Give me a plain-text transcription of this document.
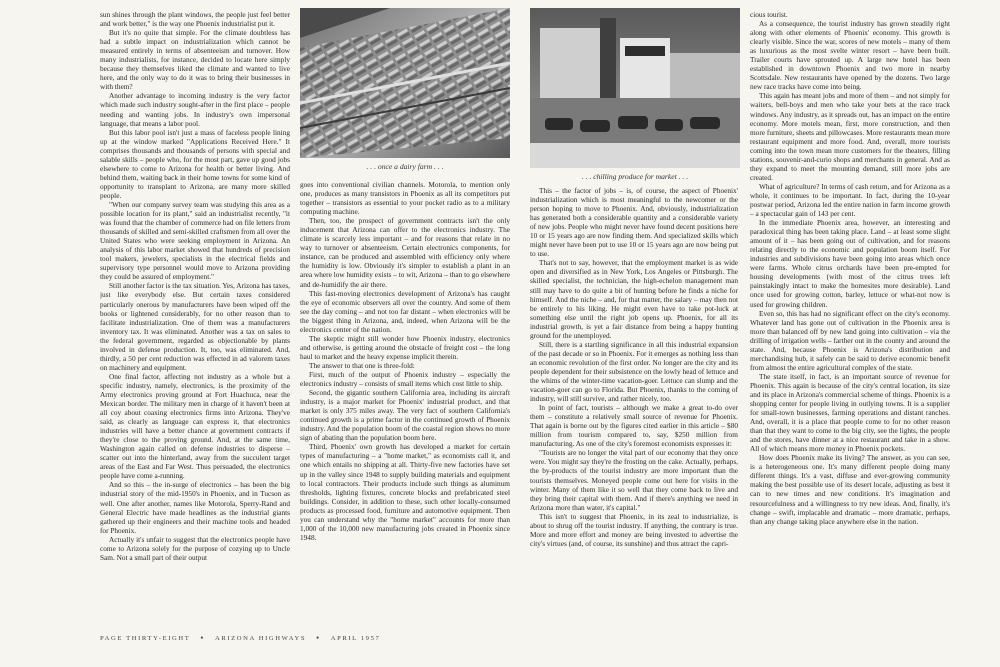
sun shines through the plant windows, the people just feel better and work better," is the way one Phoenix industrialist put it.

But it's no quite that simple. For the climate doubtless has had a subtle impact on industrialization which cannot be measured entirely in terms of absenteeism and turnover. How many industrialists, for instance, decided to locate here simply because they themselves liked the climate and wanted to live here, and the only way to do it was to bring their businesses in with them?

Another advantage to incoming industry is the very factor which made such industry sought-after in the first place – people needing and wanting jobs. In industry's own impersonal language, that means a labor pool.

But this labor pool isn't just a mass of faceless people lining up at the window marked "Applications Received Here." It comprises thousands and thousands of persons with special and salable skills – people who, for the most part, gave up good jobs elsewhere to come to Arizona for health or better living. And behind them, waiting back in their home towns for some kind of opportunity to transplant to Arizona, are many more skilled people.

"When our company survey team was studying this area as a possible location for its plant," said an industrialist recently, "it was found that the chamber of commerce had on file letters from thousands of skilled and semi-skilled craftsmen from all over the United States who were seeking employment in Arizona. An analysis of this labor market showed that hundreds of precision tool makers, jewelers, specialists in the electrical fields and supervisory type personnel would move to Arizona providing they could be assured of employment."

Still another factor is the tax situation. Yes, Arizona has taxes, just like everybody else. But certain taxes considered particularly onerous by manufacturers have been wiped off the books or lightened considerably, for no other reason than to facilitate industrialization. One of them was a manufacturers inventory tax. It was eliminated. Another was a tax on sales to the federal government, regarded as objectionable by plants involved in defense production. It, too, was eliminated. And, thirdly, a 50 per cent reduction was effected in ad valorem taxes on machinery and equipment.

One final factor, affecting not industry as a whole but a specific industry, namely, electronics, is the proximity of the Army electronics proving ground at Fort Huachuca, near the Mexican border. The military men in charge of it haven't been at all coy about coaxing electronics firms into Arizona. They've said, as clearly as language can express it, that electronics industries will have a better chance at government contracts if they're close to the proving ground. And, at the same time, Washington again called on defense industries to disperse – scatter out into the hinterland, away from the succulent target areas of the East and Far West. Thus persuaded, the electronics people have come a-running.

And so this – the in-surge of electronics – has been the big industrial story of the mid-1950's in Phoenix, and in Tucson as well. One after another, names like Motorola, Sperry-Rand and General Electric have made headlines as the industrial giants gathered up their engineers and their machine tools and headed for Phoenix.

Actually it's unfair to suggest that the electronics people have come to Arizona solely for the purpose of cozying up to Uncle Sam. Not a small part of their output

. . . once a dairy farm . . .

goes into conventional civilian channels. Motorola, to mention only one, produces as many transistors in Phoenix as all its competitors put together – transistors as essential to your pocket radio as to a military computing machine.

Then, too, the prospect of government contracts isn't the only inducement that Arizona can offer to the electronics industry. The climate is scarcely less important – and for reasons that relate in no way to turnover or absenteeism. Certain electronics components, for instance, can be produced and assembled with efficiency only where the humidity is low. Obviously it's simpler to establish a plant in an area where low humidity exists – to wit, Arizona – than to go elsewhere and de-humidify the air there.

This fast-moving electronics development of Arizona's has caught the eye of economic observers all over the country. And some of them see the day coming – and not too far distant – when electronics will be the biggest thing in Arizona, and, indeed, when Arizona will be the electronics center of the nation.

The skeptic might still wonder how Phoenix industry, electronics and otherwise, is getting around the obstacle of freight cost – the long haul to market and the heavy expense implicit therein.

The answer to that one is three-fold:

First, much of the output of Phoenix industry – especially the electronics industry – consists of small items which cost little to ship.

Second, the gigantic southern California area, including its aircraft industry, is a major market for Phoenix' industrial product, and that market is only 375 miles away. The very fact of southern California's continued growth is a prime factor in the continued growth of Phoenix industry. And the population boom of the coastal region shows no more sign of abating than the population boom here.

Third, Phoenix' own growth has developed a market for certain types of manufacturing – a "home market," as economists call it, and one which entails no shipping at all. Thirty-five new factories have set up in the valley since 1948 to supply building materials and equipment to local contractors. Their products include such things as aluminum thresholds, lighting fixtures, concrete blocks and prefabricated steel buildings. Consider, in addition to these, such other locally-consumed products as processed food, furniture and automotive equipment. Then you can understand why the "home market" accounts for more than 1,000 of the 10,000 new manufacturing jobs created in Phoenix since 1948.

PAGE THIRTY-EIGHT ● ARIZONA HIGHWAYS ● APRIL 1957
. . . chilling produce for market . . .

This – the factor of jobs – is, of course, the aspect of Phoenix' industrialization which is most meaningful to the newcomer or the person hoping to move to Phoenix. And, obviously, industrialization has generated both a considerable quantity and a considerable variety of new jobs. People who might never have found decent positions here 10 or 15 years ago are now finding them. And specialized skills which might never have been put to use 10 or 15 years ago are now being put to use.

That's not to say, however, that the employment market is as wide open and diversified as in New York, Los Angeles or Pittsburgh. The skilled specialist, the technician, the high-echelon management man still may have to do quite a bit of hunting before he finds a niche for himself. And the niche – and, for that matter, the salary – may then not be entirely to his liking. He might even have to take pot-luck at something else until the right job opens up. Phoenix, for all its industrial growth, is yet a fair distance from being a happy hunting ground for the unemployed.

Still, there is a startling significance in all this industrial expansion of the past decade or so in Phoenix. For it emerges as nothing less than an economic revolution of the first order. No longer are the city and its people dependent for their subsistence on the lowly head of lettuce and the whims of the winter-time vacation-goer. Lettuce can slump and the vacation-goer can go to Florida. But Phoenix, thanks to the coming of industry, will still survive, and rather nicely, too.

In point of fact, tourists – although we make a great to-do over them – constitute a relatively small source of revenue for Phoenix. That again is borne out by the figures cited earlier in this article – $80 million from tourism compared to, say, $250 million from manufacturing. As one of the city's foremost economists expresses it:

"Tourists are no longer the vital part of our economy that they once were. You might say they're the frosting on the cake. Actually, perhaps, the by-products of the tourist industry are more important than the tourists themselves. Moneyed people come out here for visits in the winter. Many of them like it so well that they come back to live and they bring their capital with them. And if there's anything we need in Arizona more than water, it's capital."

This isn't to suggest that Phoenix, in its zeal to industrialize, is about to shrug off the tourist industry. If anything, the contrary is true. More and more effort and money are being invested to advertise the city's virtues (and, of course, its sunshine) and thus attract the capri-

cious tourist.

As a consequence, the tourist industry has grown steadily right along with other elements of Phoenix' economy. This growth is clearly visible. Since the war, scores of new motels – many of them as luxurious as the most svelte winter resort – have been built. Trailer courts have sprouted up. A large new hotel has been established in downtown Phoenix and two more in nearby Scottsdale. New restaurants have opened by the dozens. Two large new race tracks have come into being.

This again has meant jobs and more of them – and not simply for waiters, bell-boys and men who take your bets at the race track windows. Any industry, as it spreads out, has an impact on the entire economy. More motels mean, first, more construction, and then more furniture, sheets and pillowcases. More restaurants mean more restaurant equipment and more food. And, overall, more tourists coming into the town mean more customers for the theaters, filling stations, souvenir-and-curio shops and merchants in general. And as they expand to meet the mounting demand, still more jobs are created.

What of agriculture? In terms of cash return, and for Arizona as a whole, it continues to be important. In fact, during the 10-year postwar period, Arizona led the entire nation in farm income growth – a spectacular gain of 143 per cent.

In the immediate Phoenix area, however, an interesting and paradoxical thing has been taking place. Land – at least some slight amount of it – has been going out of cultivation, and for reasons relating directly to the economic and population boom itself. For industries and subdivisions have been going into areas which once were farms. Whole citrus orchards have been pre-empted for housing developments (with most of the citrus trees left painstakingly intact to make the homesites more desirable). Land once used for growing cotton, barley, lettuce or what-not now is used for growing children.

Even so, this has had no significant effect on the city's economy. Whatever land has gone out of cultivation in the Phoenix area is more than balanced off by new land going into cultivation – via the drilling of irrigation wells – farther out in the county and around the state. And, because Phoenix is Arizona's distribution and merchandising hub, it safely can be said to derive economic benefit from almost the entire agricultural complex of the state.

The state itself, in fact, is an important source of revenue for Phoenix. This again is because of the city's central location, its size and its place in Arizona's commercial scheme of things. Phoenix is a shopping center for people living in outlying towns. It is a supplier for small-town businesses, farming operations and distant ranches. And, overall, it is a place that people come to for no other reason than that they want to come to the big city, see the lights, the people and the stores, have dinner at a nice restaurant and take in a show. All of which means more money in Phoenix pockets.

How does Phoenix make its living? The answer, as you can see, is a heterogeneous one. It's many different people doing many different things. It's a vast, diffuse and ever-growing community making the best possible use of its desert locale, adjusting as best it can to new times and new conditions. It's imagination and resourcefulness and a willingness to try new ideas. And, finally, it's change – swift, implacable and dramatic – more dramatic, perhaps, than any change taking place anywhere else in the nation.
